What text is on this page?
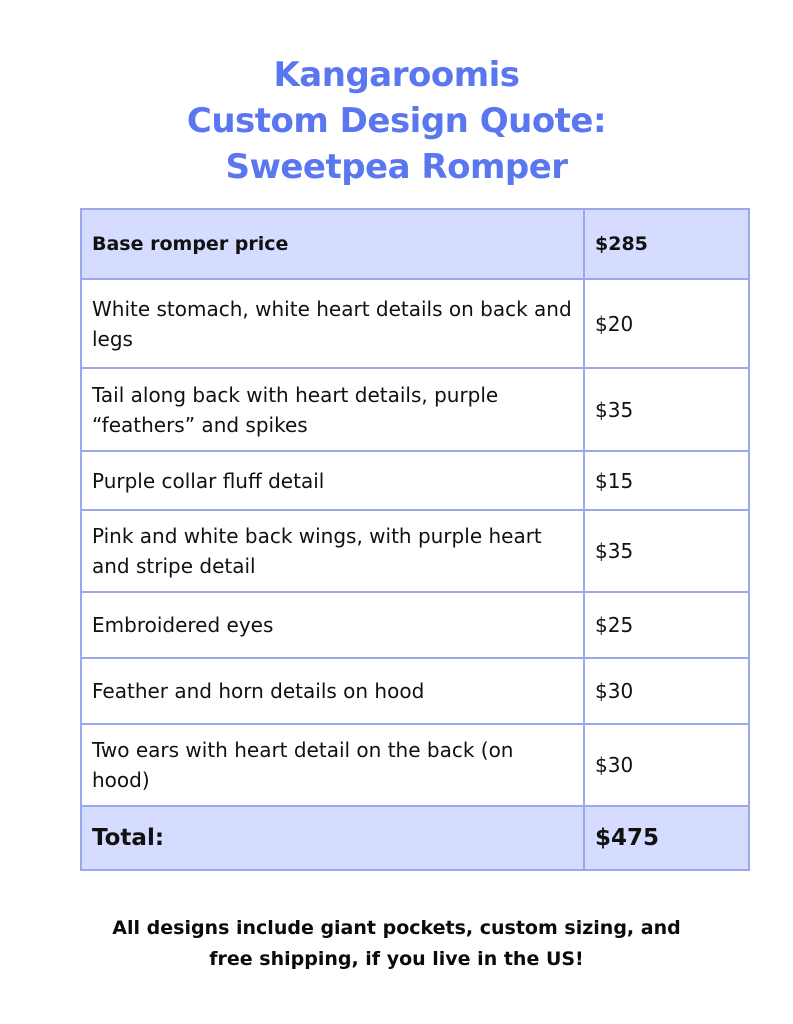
Kangaroomis
Custom Design Quote:
Sweetpea Romper
Base romper price	$285
White stomach, white heart details on back and legs	$20
Tail along back with heart details, purple “feathers” and spikes	$35
Purple collar fluff detail	$15
Pink and white back wings, with purple heart and stripe detail	$35
Embroidered eyes	$25
Feather and horn details on hood	$30
Two ears with heart detail on the back (on hood)	$30
Total:	$475
All designs include giant pockets, custom sizing, and
free shipping, if you live in the US!
